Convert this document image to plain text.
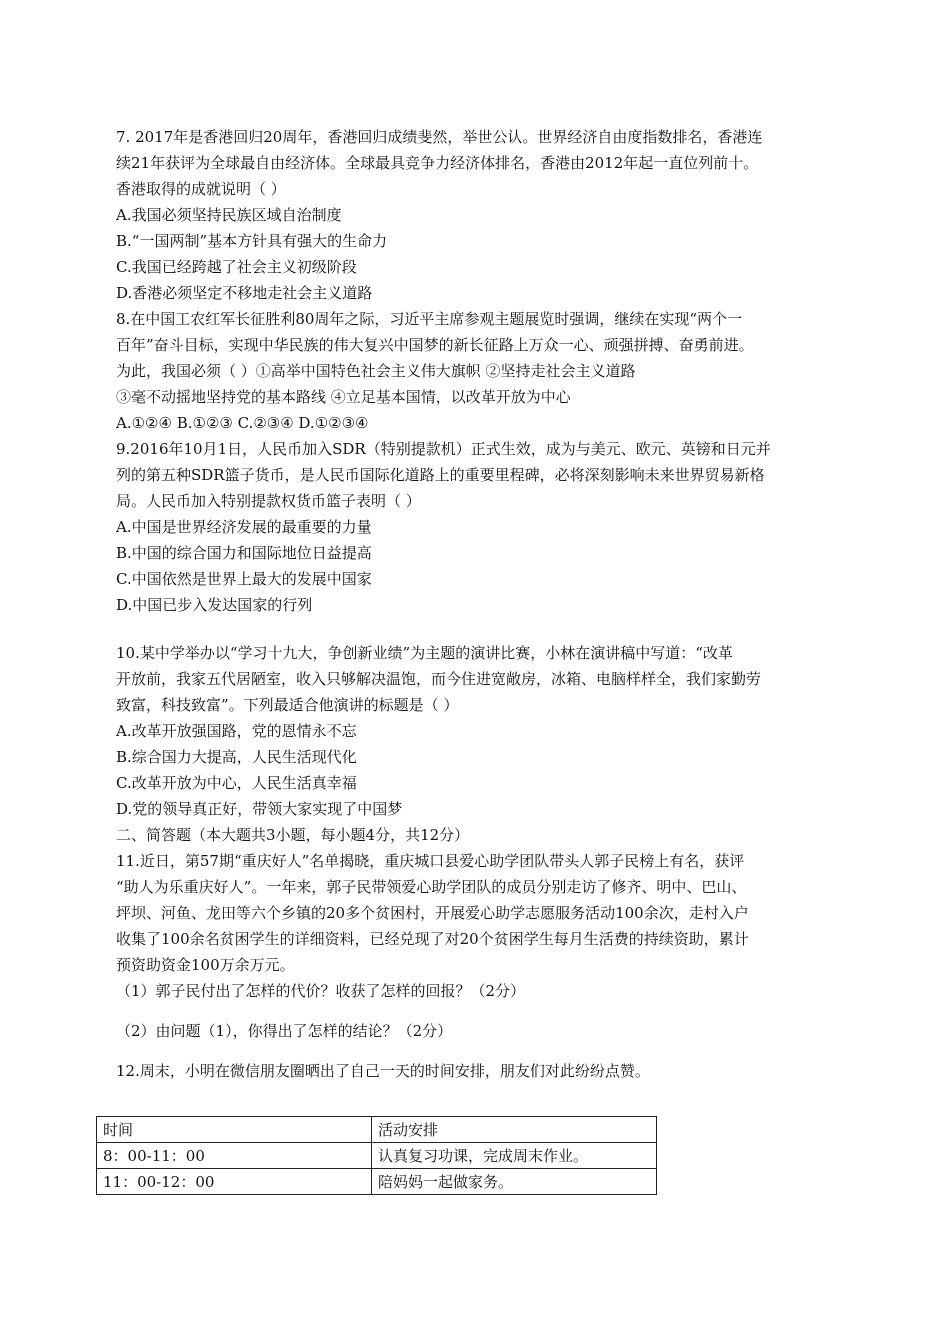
7. 2017年是香港回归20周年，香港回归成绩斐然，举世公认。世界经济自由度指数排名，香港连
续21年获评为全球最自由经济体。全球最具竞争力经济体排名，香港由2012年起一直位列前十。
香港取得的成就说明（ ）
A.我国必须坚持民族区域自治制度
B.“一国两制”基本方针具有强大的生命力
C.我国已经跨越了社会主义初级阶段
D.香港必须坚定不移地走社会主义道路
8.在中国工农红军长征胜利80周年之际，习近平主席参观主题展览时强调，继续在实现“两个一
百年”奋斗目标，实现中华民族的伟大复兴中国梦的新长征路上万众一心、顽强拼搏、奋勇前进。
为此，我国必须（ ）①高举中国特色社会主义伟大旗帜 ②坚持走社会主义道路
③毫不动摇地坚持党的基本路线 ④立足基本国情，以改革开放为中心
A.①②④ B.①②③ C.②③④ D.①②③④
9.2016年10月1日，人民币加入SDR（特别提款机）正式生效，成为与美元、欧元、英镑和日元并
列的第五种SDR篮子货币，是人民币国际化道路上的重要里程碑，必将深刻影响未来世界贸易新格
局。人民币加入特别提款权货币篮子表明（ ）
A.中国是世界经济发展的最重要的力量
B.中国的综合国力和国际地位日益提高
C.中国依然是世界上最大的发展中国家
D.中国已步入发达国家的行列
10.某中学举办以“学习十九大，争创新业绩”为主题的演讲比赛，小林在演讲稿中写道：“改革
开放前，我家五代居陋室，收入只够解决温饱，而今住进宽敞房，冰箱、电脑样样全，我们家勤劳
致富，科技致富”。下列最适合他演讲的标题是（ ）
A.改革开放强国路，党的恩情永不忘
B.综合国力大提高，人民生活现代化
C.改革开放为中心，人民生活真幸福
D.党的领导真正好，带领大家实现了中国梦
二、简答题（本大题共3小题，每小题4分，共12分）
11.近日，第57期“重庆好人”名单揭晓，重庆城口县爱心助学团队带头人郭子民榜上有名，获评
“助人为乐重庆好人”。一年来，郭子民带领爱心助学团队的成员分别走访了修齐、明中、巴山、
坪坝、河鱼、龙田等六个乡镇的20多个贫困村，开展爱心助学志愿服务活动100余次，走村入户
收集了100余名贫困学生的详细资料，已经兑现了对20个贫困学生每月生活费的持续资助，累计
预资助资金100万余万元。
（1）郭子民付出了怎样的代价？收获了怎样的回报？（2分）
（2）由问题（1），你得出了怎样的结论？（2分）
12.周末，小明在微信朋友圈晒出了自己一天的时间安排，朋友们对此纷纷点赞。
时间	活动安排
8：00-11：00	认真复习功课，完成周末作业。
11：00-12：00	陪妈妈一起做家务。
